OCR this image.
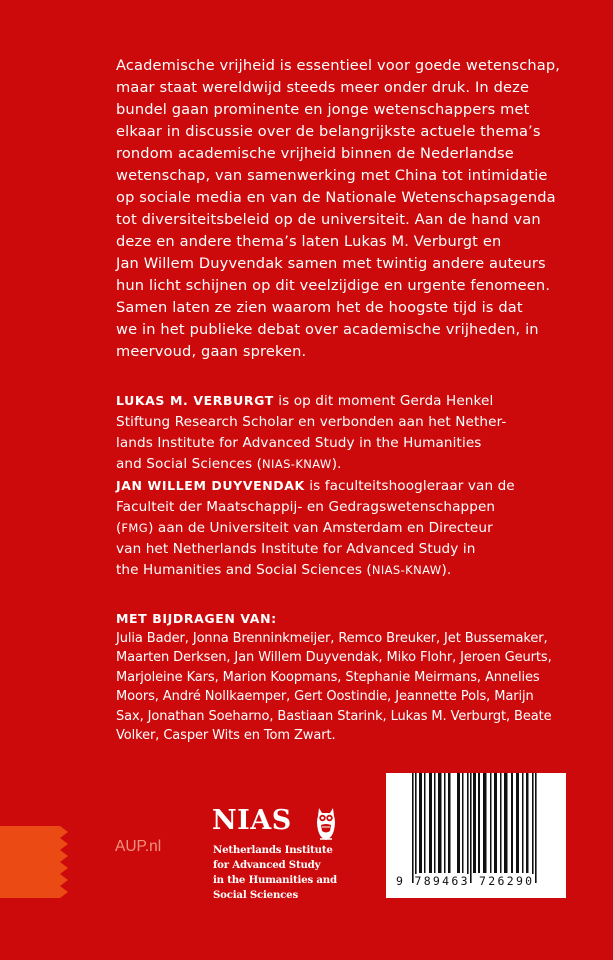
Academische vrijheid is essentieel voor goede wetenschap,
maar staat wereldwijd steeds meer onder druk. In deze
bundel gaan prominente en jonge wetenschappers met
elkaar in discussie over de belangrijkste actuele thema’s
rondom academische vrijheid binnen de Nederlandse
wetenschap, van samenwerking met China tot intimidatie
op sociale media en van de Nationale Wetenschapsagenda
tot diversiteitsbeleid op de universiteit. Aan de hand van
deze en andere thema’s laten Lukas M. Verburgt en
Jan Willem Duyvendak samen met twintig andere auteurs
hun licht schijnen op dit veelzijdige en urgente fenomeen.
Samen laten ze zien waarom het de hoogste tijd is dat
we in het publieke debat over academische vrijheden, in
meervoud, gaan spreken.
LUKAS M. VERBURGT is op dit moment Gerda Henkel
Stiftung Research Scholar en verbonden aan het Nether-
lands Institute for Advanced Study in the Humanities
and Social Sciences (NIAS-KNAW).
JAN WILLEM DUYVENDAK is faculteitshoogleraar van de
Faculteit der Maatschappij- en Gedragswetenschappen
(FMG) aan de Universiteit van Amsterdam en Directeur
van het Netherlands Institute for Advanced Study in
the Humanities and Social Sciences (NIAS-KNAW).
MET BIJDRAGEN VAN:
Julia Bader, Jonna Brenninkmeijer, Remco Breuker, Jet Bussemaker,
Maarten Derksen, Jan Willem Duyvendak, Miko Flohr, Jeroen Geurts,
Marjoleine Kars, Marion Koopmans, Stephanie Meirmans, Annelies
Moors, André Nollkaemper, Gert Oostindie, Jeannette Pols, Marijn
Sax, Jonathan Soeharno, Bastiaan Starink, Lukas M. Verburgt, Beate
Volker, Casper Wits en Tom Zwart.
AUP.nl
NIAS
Netherlands Institute
for Advanced Study
in the Humanities and
Social Sciences
9 789463 726290
